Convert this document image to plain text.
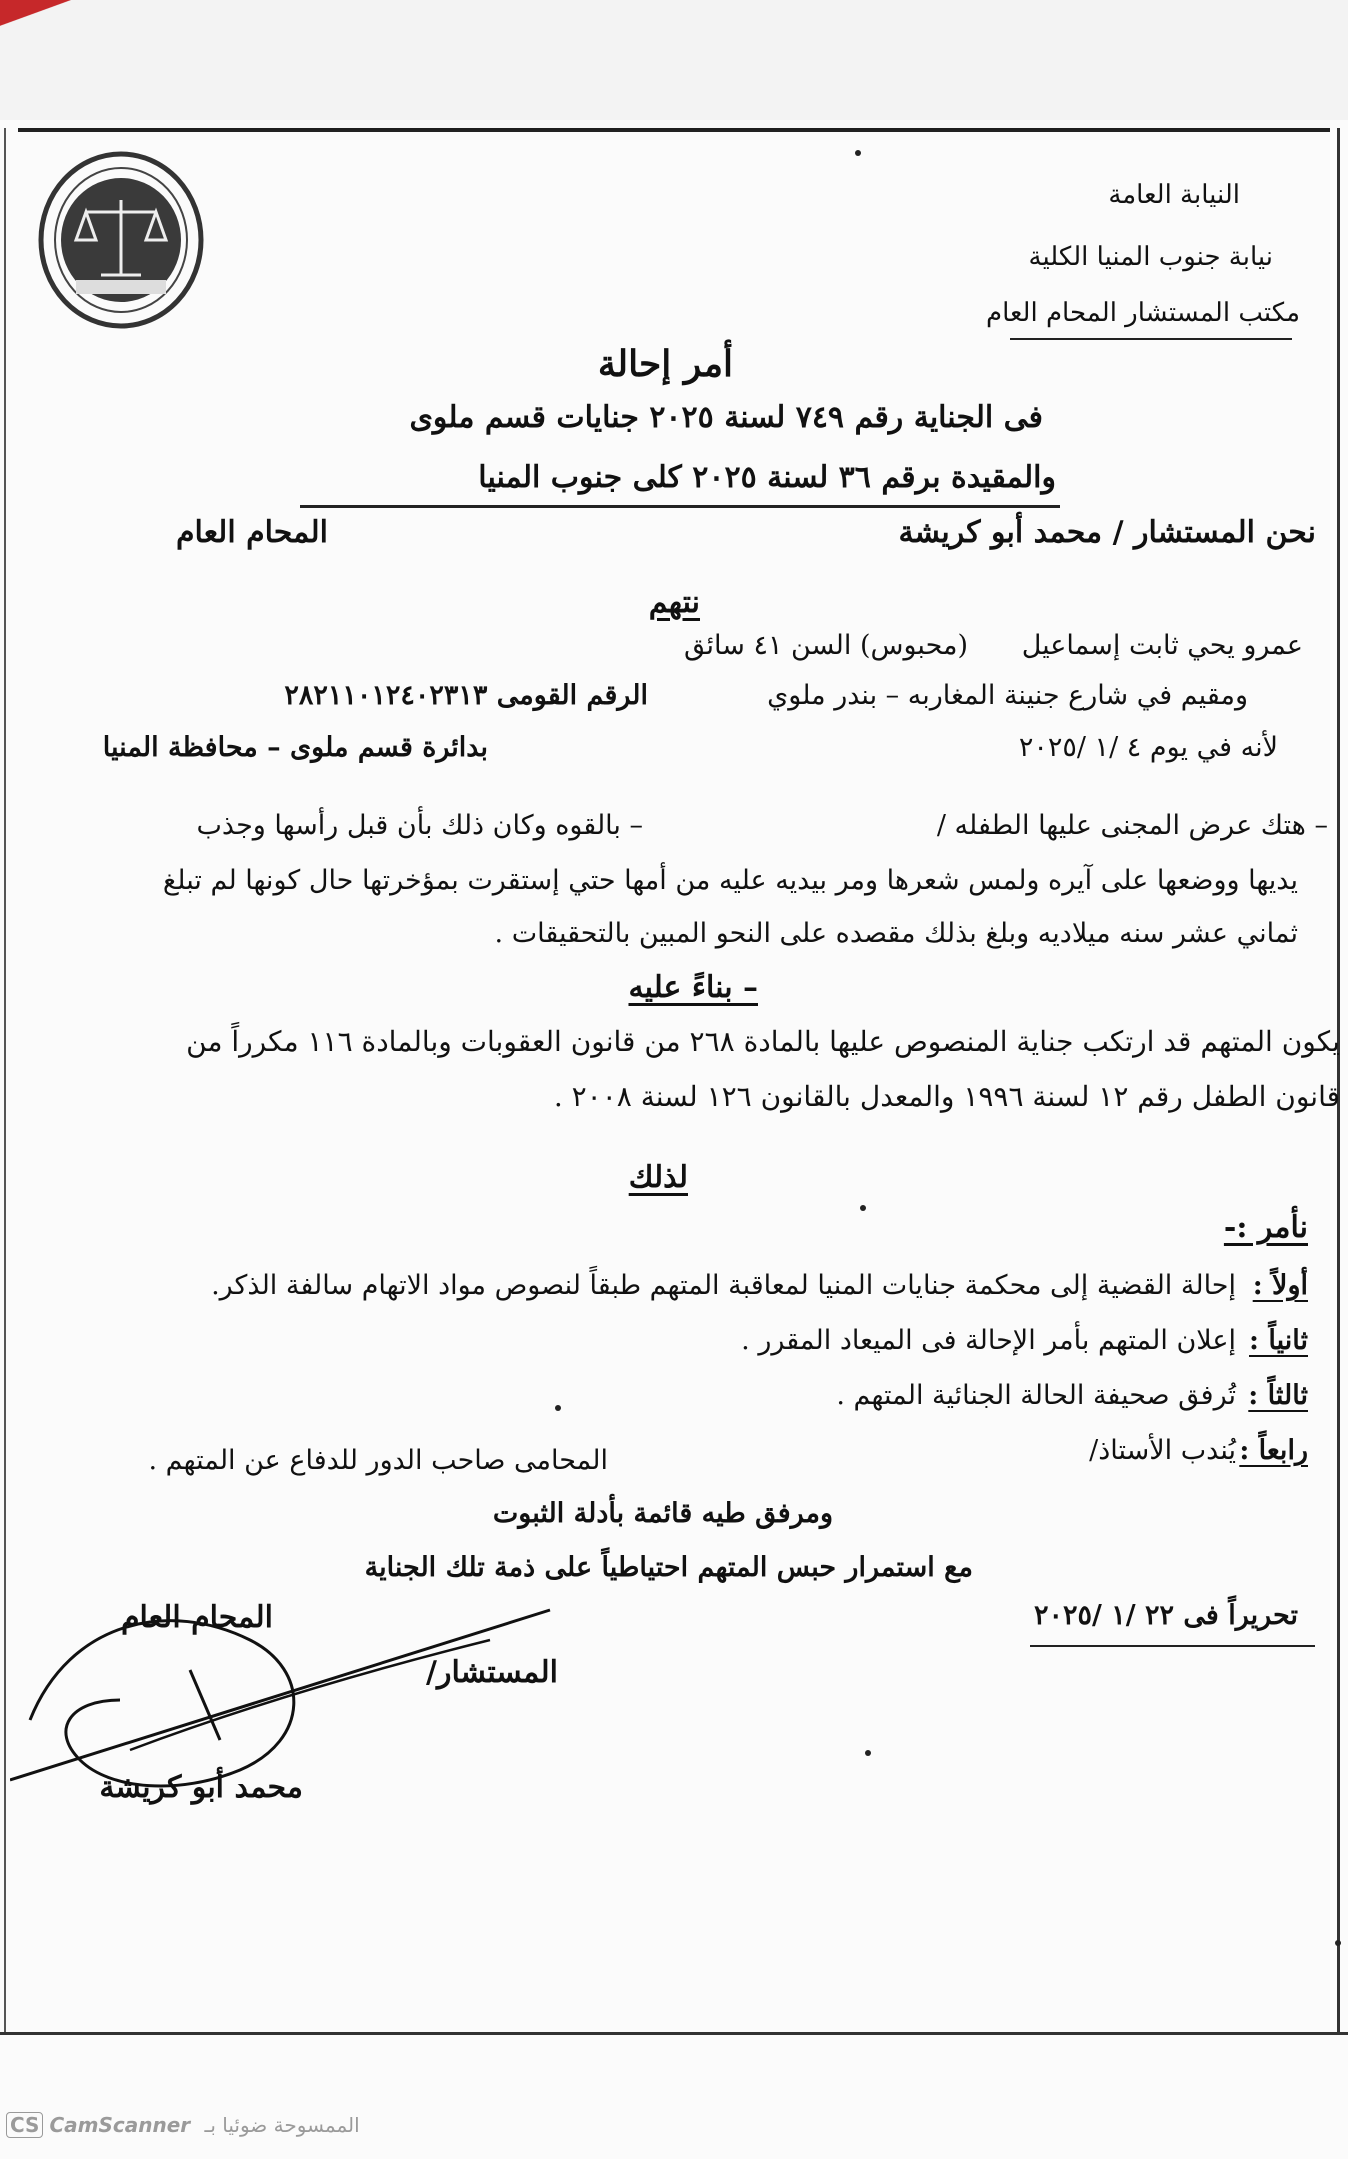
النيابة العامة
نيابة جنوب المنيا الكلية
مكتب المستشار المحام العام
أمر إحالة
فى الجناية رقم ٧٤٩ لسنة ٢٠٢٥ جنايات قسم ملوى
والمقيدة برقم ٣٦ لسنة ٢٠٢٥ كلى جنوب المنيا
نحن المستشار / محمد أبو كريشة
المحام العام
نتهم
عمرو يحي ثابت إسماعيل
(محبوس) السن ٤١ سائق
ومقيم في شارع جنينة المغاربه – بندر ملوي
الرقم القومى ٢٨٢١١٠١٢٤٠٢٣١٣
لأنه في يوم ٤ /١ /٢٠٢٥
بدائرة قسم ملوى – محافظة المنيا
– هتك عرض المجنى عليها الطفله /
– بالقوه وكان ذلك بأن قبل رأسها وجذب
يديها ووضعها على آيره ولمس شعرها ومر بيديه عليه من أمها حتي إستقرت بمؤخرتها حال كونها لم تبلغ
ثماني عشر سنه ميلاديه وبلغ بذلك مقصده على النحو المبين بالتحقيقات .
– بناءً عليه
يكون المتهم قد ارتكب جناية المنصوص عليها بالمادة ٢٦٨ من قانون العقوبات وبالمادة ١١٦ مكرراً من
قانون الطفل رقم ١٢ لسنة ١٩٩٦ والمعدل بالقانون ١٢٦ لسنة ٢٠٠٨ .
لذلك
نأمر :-
أولاً :
إحالة القضية إلى محكمة جنايات المنيا لمعاقبة المتهم طبقاً لنصوص مواد الاتهام سالفة الذكر.
ثانياً :
إعلان المتهم بأمر الإحالة فى الميعاد المقرر .
ثالثاً :
تُرفق صحيفة الحالة الجنائية المتهم .
رابعاً :
يُندب الأستاذ/
المحامى صاحب الدور للدفاع عن المتهم .
ومرفق طيه قائمة بأدلة الثبوت
مع استمرار حبس المتهم احتياطياً على ذمة تلك الجناية
تحريراً فى ٢٢ /١ /٢٠٢٥
المستشار/
المحام العام
محمد أبو كريشة
CS CamScanner الممسوحة ضوئيا بـ
